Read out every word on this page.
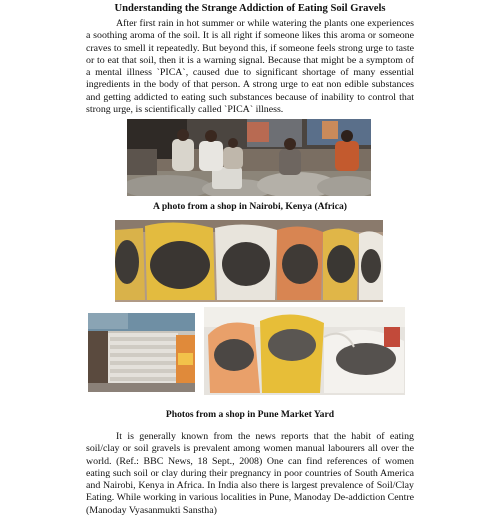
Understanding the Strange Addiction of Eating Soil Gravels

After first rain in hot summer or while watering the plants one experiences a soothing aroma of the soil. It is all right if someone likes this aroma or someone craves to smell it repeatedly. But beyond this, if someone feels strong urge to taste or to eat that soil, then it is a warning signal. Because that might be a symptom of a mental illness `PICA`, caused due to significant shortage of many essential ingredients in the body of that person. A strong urge to eat non edible substances and getting addicted to eating such substances because of inability to control that strong urge, is scientifically called `PICA` illness.

A photo from a shop in Nairobi, Kenya (Africa)
Photos from a shop in Pune Market Yard

It is generally known from the news reports that the habit of eating soil/clay or soil gravels is prevalent among women manual labourers all over the world. (Ref.: BBC News, 18 Sept., 2008) One can find references of women eating such soil or clay during their pregnancy in poor countries of South America and Nairobi, Kenya in Africa. In India also there is largest prevalence of Soil/Clay Eating. While working in various localities in Pune, Manoday De-addiction Centre (Manoday Vyasanmukti Sanstha)
